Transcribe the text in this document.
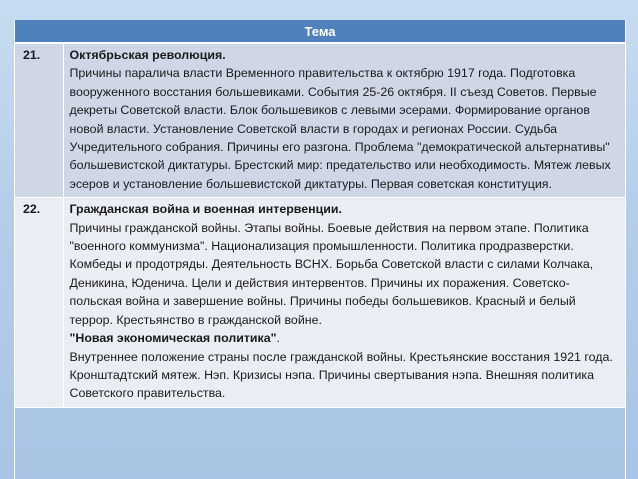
Тема	
21.	Октябрьская революция.
Причины паралича власти Временного правительства к октябрю 1917 года. Подготовка вооруженного восстания большевиками. События 25-26 октября. II съезд Советов. Первые декреты Советской власти. Блок большевиков с левыми эсерами. Формирование органов новой власти. Установление Советской власти в городах и регионах России. Судьба Учредительного собрания. Причины его разгона. Проблема "демократической альтернативы" большевистской диктатуры. Брестский мир: предательство или необходимость. Мятеж левых эсеров и установление большевистской диктатуры. Первая советская конституция.

22.	Гражданская война и военная интервенции.
Причины гражданской войны. Этапы войны. Боевые действия на первом этапе. Политика "военного коммунизма". Национализация промышленности. Политика продразверстки. Комбеды и продотряды. Деятельность ВСНХ. Борьба Советской власти с силами Колчака, Деникина, Юденича. Цели и действия интервентов. Причины их поражения. Советско-польская война и завершение войны. Причины победы большевиков. Красный и белый террор. Крестьянство в гражданской войне.
"Новая экономическая политика".
Внутреннее положение страны после гражданской войны. Крестьянские восстания 1921 года. Кронштадтский мятеж. Нэп. Кризисы нэпа. Причины свертывания нэпа. Внешняя политика Советского правительства.
